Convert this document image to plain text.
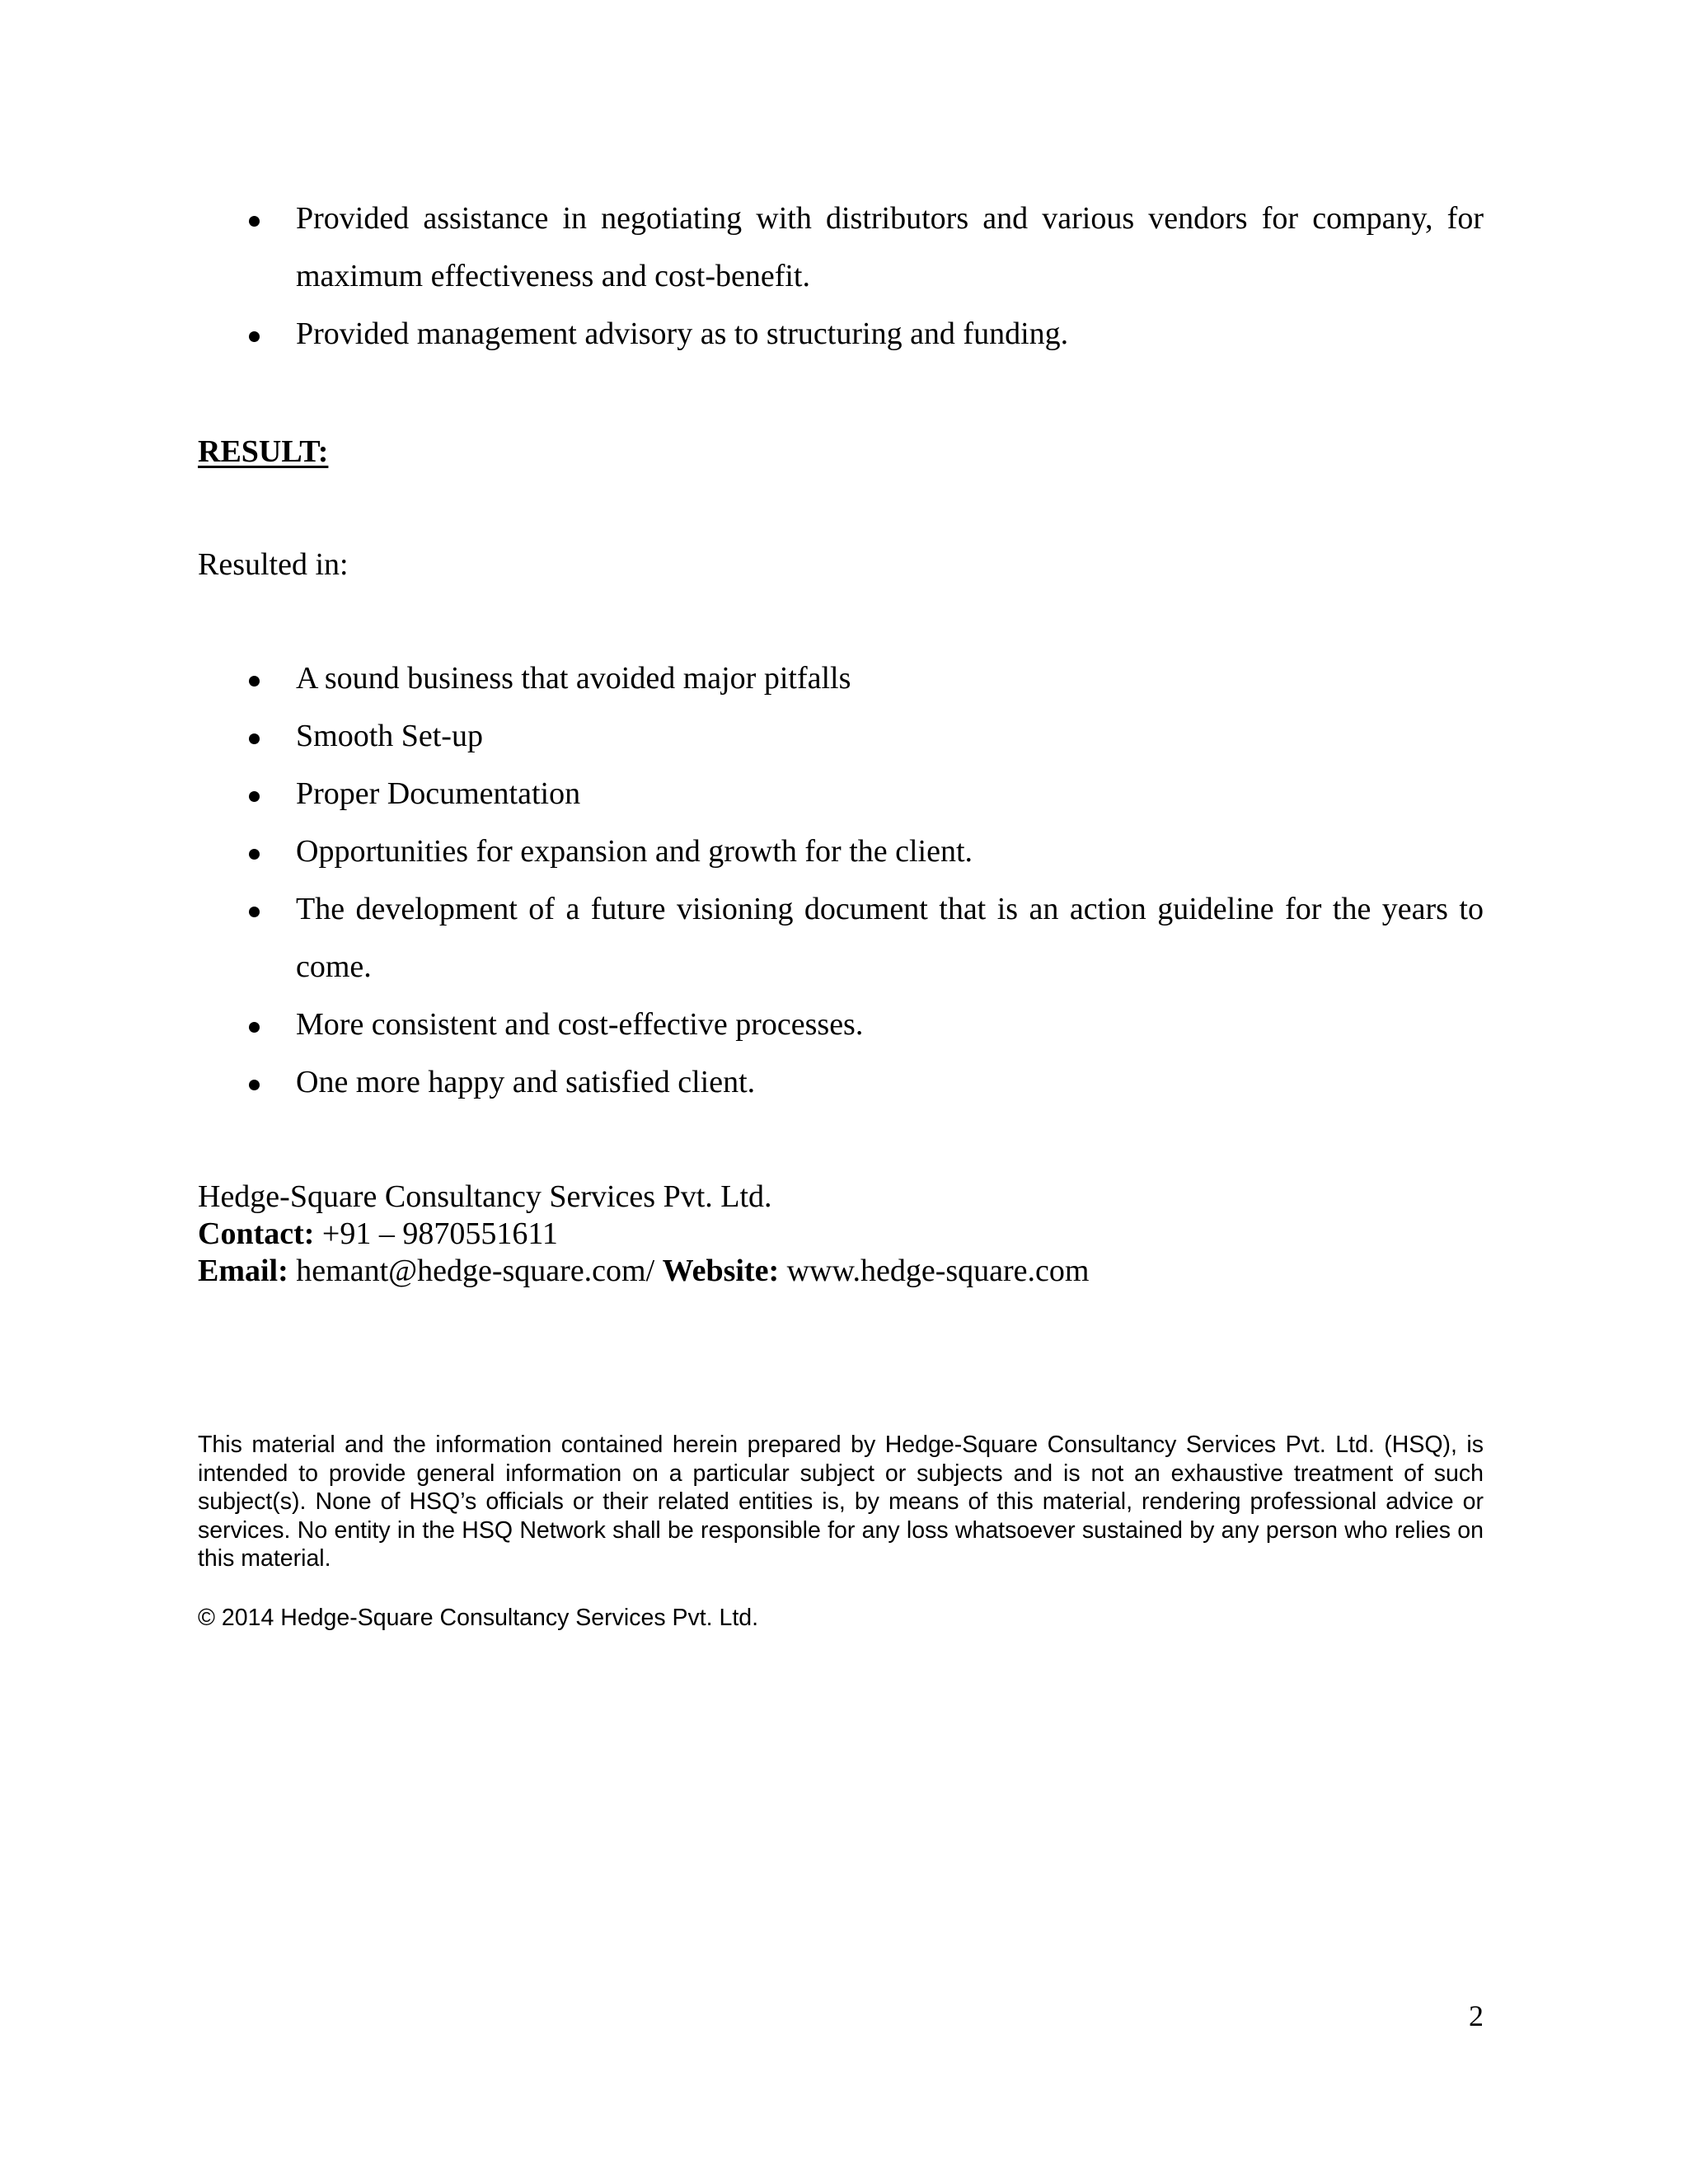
Provided assistance in negotiating with distributors and various vendors for company, for maximum effectiveness and cost-benefit.
Provided management advisory as to structuring and funding.
RESULT:
Resulted in:
A sound business that avoided major pitfalls
Smooth Set-up
Proper Documentation
Opportunities for expansion and growth for the client.
The development of a future visioning document that is an action guideline for the years to come.
More consistent and cost-effective processes.
One more happy and satisfied client.
Hedge-Square Consultancy Services Pvt. Ltd.
Contact: +91 – 9870551611
Email: hemant@hedge-square.com/ Website: www.hedge-square.com

This material and the information contained herein prepared by Hedge-Square Consultancy Services Pvt. Ltd. (HSQ), is intended to provide general information on a particular subject or subjects and is not an exhaustive treatment of such subject(s). None of HSQ’s officials or their related entities is, by means of this material, rendering professional advice or services. No entity in the HSQ Network shall be responsible for any loss whatsoever sustained by any person who relies on this material.

© 2014 Hedge-Square Consultancy Services Pvt. Ltd.

2
